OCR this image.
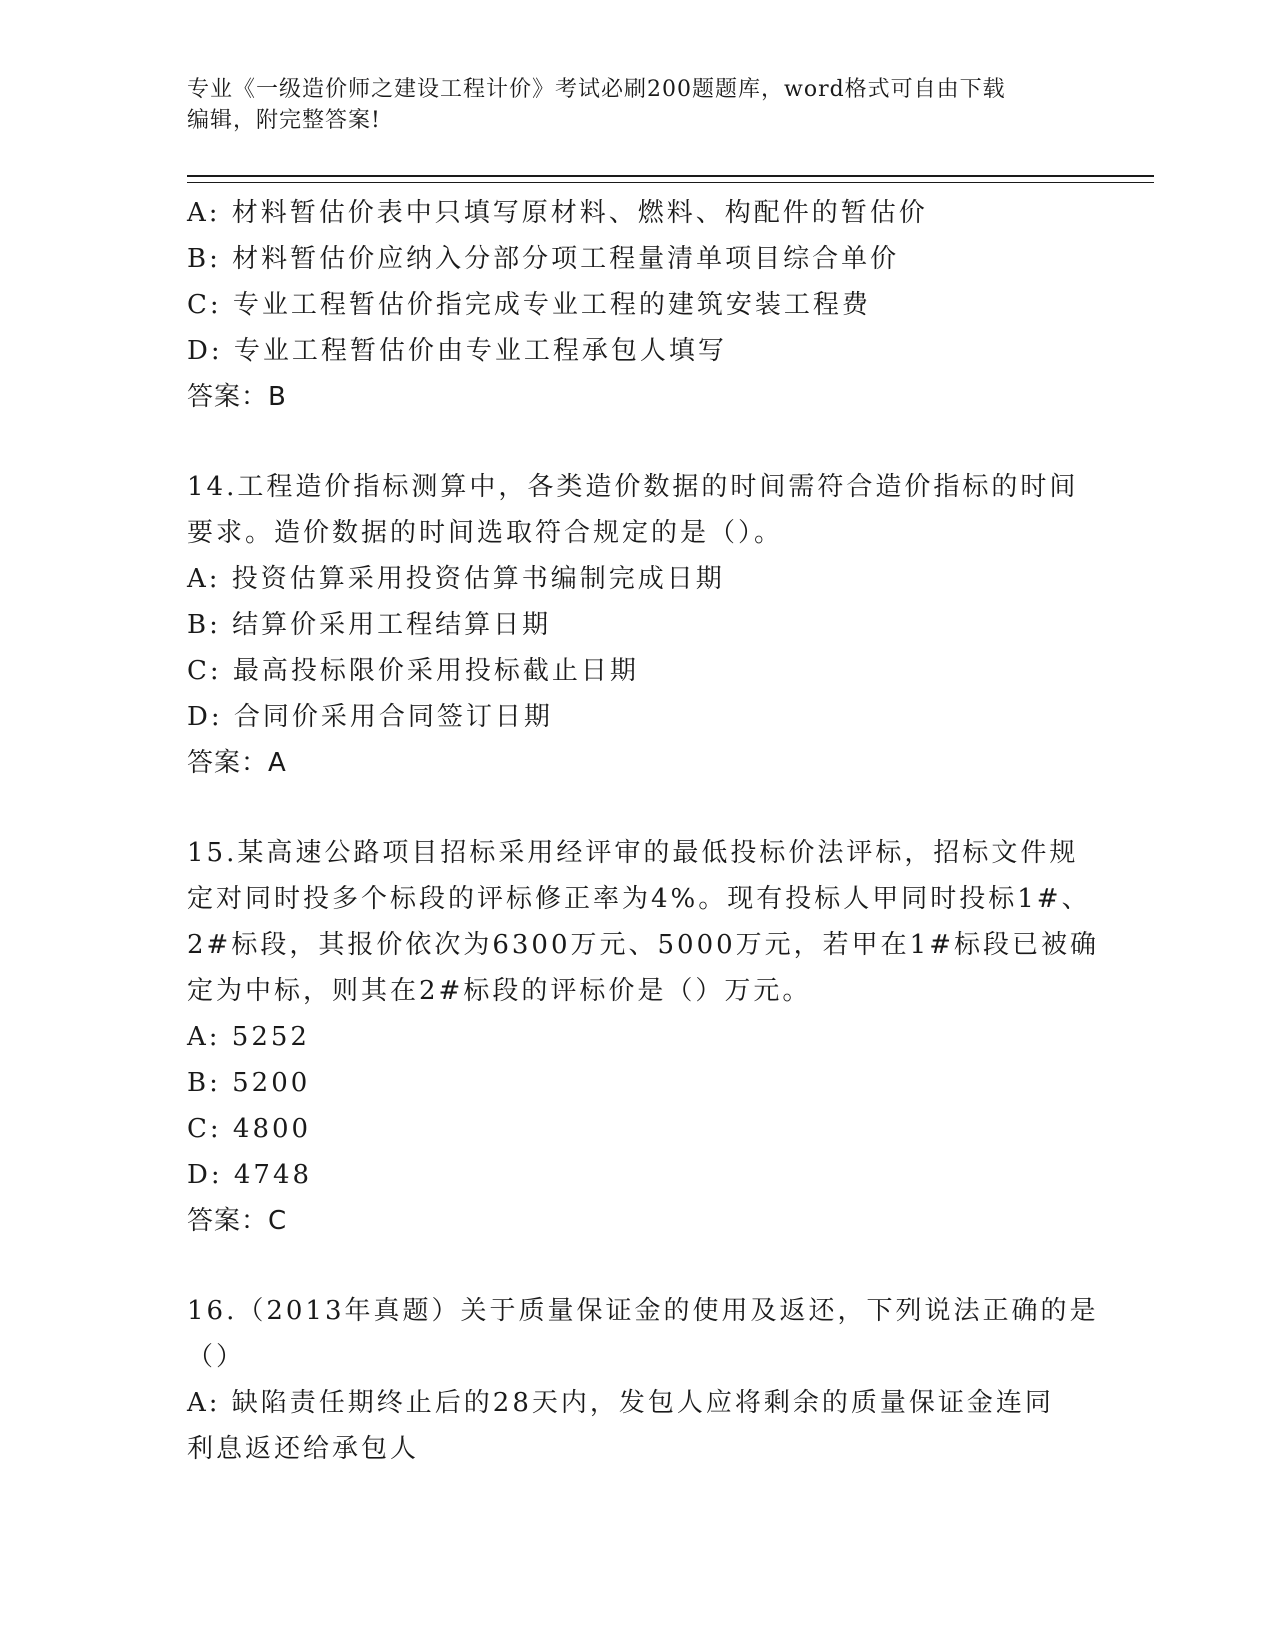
专业《一级造价师之建设工程计价》考试必刷200题题库，word格式可自由下载
编辑，附完整答案!
A: 材料暂估价表中只填写原材料、燃料、构配件的暂估价
B: 材料暂估价应纳入分部分项工程量清单项目综合单价
C: 专业工程暂估价指完成专业工程的建筑安装工程费
D: 专业工程暂估价由专业工程承包人填写
答案：B
14.工程造价指标测算中，各类造价数据的时间需符合造价指标的时间
要求。造价数据的时间选取符合规定的是（）。
A: 投资估算采用投资估算书编制完成日期
B: 结算价采用工程结算日期
C: 最高投标限价采用投标截止日期
D: 合同价采用合同签订日期
答案：A
15.某高速公路项目招标采用经评审的最低投标价法评标，招标文件规
定对同时投多个标段的评标修正率为4%。现有投标人甲同时投标1#、
2#标段，其报价依次为6300万元、5000万元，若甲在1#标段已被确
定为中标，则其在2#标段的评标价是（）万元。
A: 5252
B: 5200
C: 4800
D: 4748
答案：C
16.（2013年真题）关于质量保证金的使用及返还，下列说法正确的是
（）
A: 缺陷责任期终止后的28天内，发包人应将剩余的质量保证金连同
利息返还给承包人
